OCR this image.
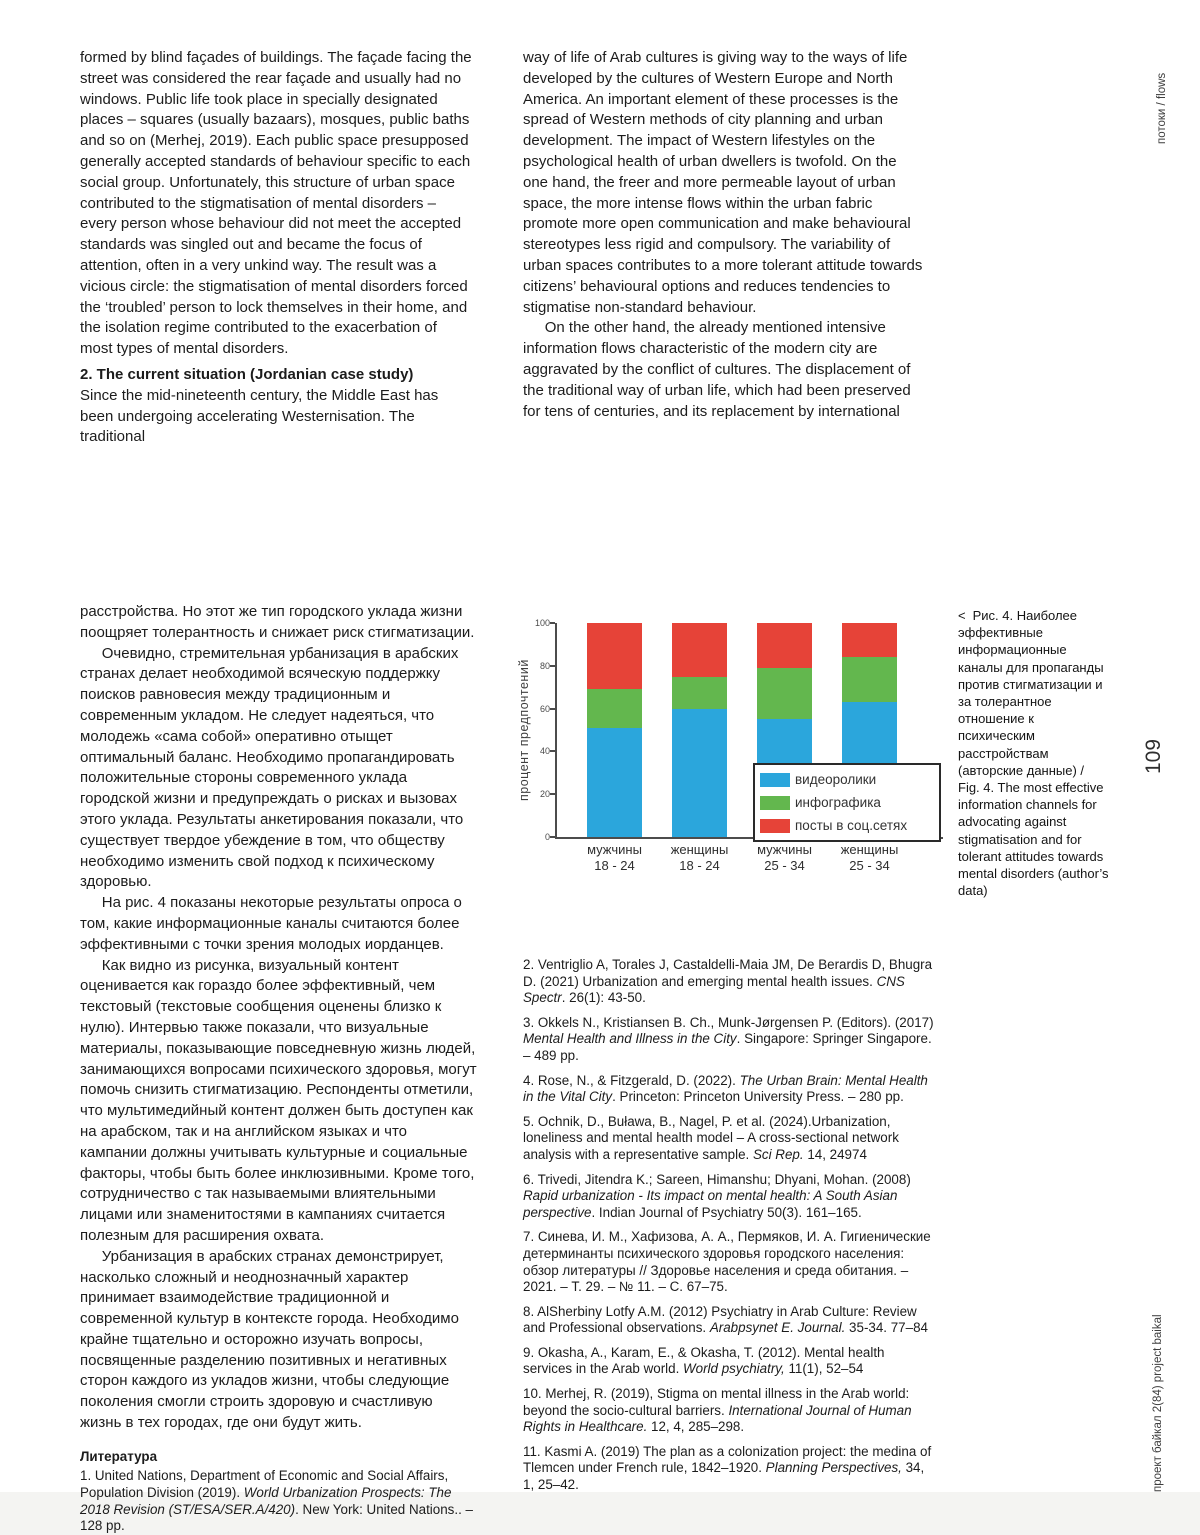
formed by blind façades of buildings. The façade facing the street was considered the rear façade and usually had no windows. Public life took place in specially designated places – squares (usually bazaars), mosques, public baths and so on (Merhej, 2019). Each public space presupposed generally accepted standards of behaviour specific to each social group. Unfortunately, this structure of urban space contributed to the stigmatisation of mental disorders – every person whose behaviour did not meet the accepted standards was singled out and became the focus of attention, often in a very unkind way. The result was a vicious circle: the stigmatisation of mental disorders forced the ‘troubled’ person to lock themselves in their home, and the isolation regime contributed to the exacerbation of most types of mental disorders.

2. The current situation (Jordanian case study)

Since the mid-nineteenth century, the Middle East has been undergoing accelerating Westernisation. The traditional

way of life of Arab cultures is giving way to the ways of life developed by the cultures of Western Europe and North America. An important element of these processes is the spread of Western methods of city planning and urban development. The impact of Western lifestyles on the psychological health of urban dwellers is twofold. On the one hand, the freer and more permeable layout of urban space, the more intense flows within the urban fabric promote more open communication and make behavioural stereotypes less rigid and compulsory. The variability of urban spaces contributes to a more tolerant attitude towards citizens’ behavioural options and reduces tendencies to stigmatise non-standard behaviour.

On the other hand, the already mentioned intensive information flows characteristic of the modern city are aggravated by the conflict of cultures. The displacement of the traditional way of urban life, which had been preserved for tens of centuries, and its replacement by international

расстройства. Но этот же тип городского уклада жизни поощряет толерантность и снижает риск стигматизации.

Очевидно, стремительная урбанизация в арабских странах делает необходимой всяческую поддержку поисков равновесия между традиционным и современным укладом. Не следует надеяться, что молодежь «сама собой» оперативно отыщет оптимальный баланс. Необходимо пропагандировать положительные стороны современного уклада городской жизни и предупреждать о рисках и вызовах этого уклада. Результаты анкетирования показали, что существует твердое убеждение в том, что обществу необходимо изменить свой подход к психическому здоровью.

На рис. 4 показаны некоторые результаты опроса о том, какие информационные каналы считаются более эффективными с точки зрения молодых иорданцев.

Как видно из рисунка, визуальный контент оценивается как гораздо более эффективный, чем текстовый (текстовые сообщения оценены близко к нулю). Интервью также показали, что визуальные материалы, показывающие повседневную жизнь людей, занимающихся вопросами психического здоровья, могут помочь снизить стигматизацию. Респонденты отметили, что мультимедийный контент должен быть доступен как на арабском, так и на английском языках и что кампании должны учитывать культурные и социальные факторы, чтобы быть более инклюзивными. Кроме того, сотрудничество с так называемыми влиятельными лицами или знаменитостями в кампаниях считается полезным для расширения охвата.

Урбанизация в арабских странах демонстрирует, насколько сложный и неоднозначный характер принимает взаимодействие традиционной и современной культур в контексте города. Необходимо крайне тщательно и осторожно изучать вопросы, посвященные разделению позитивных и негативных сторон каждого из укладов жизни, чтобы следующие поколения смогли строить здоровую и счастливую жизнь в тех городах, где они будут жить.

Литература

1. United Nations, Department of Economic and Social Affairs, Population Division (2019). World Urbanization Prospects: The 2018 Revision (ST/ESA/SER.A/420). New York: United Nations.. – 128 pp.

процент предпочтений
0
20
40
60
80
100
мужчины
18 - 24
женщины
18 - 24
мужчины
25 - 34
женщины
25 - 34
видеоролики
инфографика
посты в соц.сетях
< Рис. 4. Наиболее эффективные информационные каналы для пропаганды против стигматизации и за толерантное отношение к психическим расстройствам (авторские данные) /
Fig. 4. The most effective information channels for advocating against stigmatisation and for tolerant attitudes towards mental disorders (author’s data)

2. Ventriglio A, Torales J, Castaldelli-Maia JM, De Berardis D, Bhugra D. (2021) Urbanization and emerging mental health issues. CNS Spectr. 26(1): 43-50.

3. Okkels N., Kristiansen B. Ch., Munk-Jørgensen P. (Editors). (2017) Mental Health and Illness in the City. Singapore: Springer Singapore. – 489 pp.

4. Rose, N., & Fitzgerald, D. (2022). The Urban Brain: Mental Health in the Vital City. Princeton: Princeton University Press. – 280 pp.

5. Ochnik, D., Buława, B., Nagel, P. et al. (2024).Urbanization, loneliness and mental health model – A cross-sectional network analysis with a representative sample. Sci Rep. 14, 24974

6. Trivedi, Jitendra K.; Sareen, Himanshu; Dhyani, Mohan. (2008) Rapid urbanization - Its impact on mental health: A South Asian perspective. Indian Journal of Psychiatry 50(3). 161–165.

7. Синева, И. М., Хафизова, А. А., Пермяков, И. А. Гигиенические детерминанты психического здоровья городского населения: обзор литературы // Здоровье населения и среда обитания. – 2021. – Т. 29. – № 11. – С. 67–75.

8. AlSherbiny Lotfy A.M. (2012) Psychiatry in Arab Culture: Review and Professional observations. Arabpsynet E. Journal. 35-34. 77–84

9. Okasha, A., Karam, E., & Okasha, T. (2012). Mental health services in the Arab world. World psychiatry, 11(1), 52–54

10. Merhej, R. (2019), Stigma on mental illness in the Arab world: beyond the socio-cultural barriers. International Journal of Human Rights in Healthcare. 12, 4, 285–298.

11. Kasmi A. (2019) The plan as a colonization project: the medina of Tlemcen under French rule, 1842–1920. Planning Perspectives, 34, 1, 25–42.

потоки / flows
109
проект байкал 2(84) project baikal
